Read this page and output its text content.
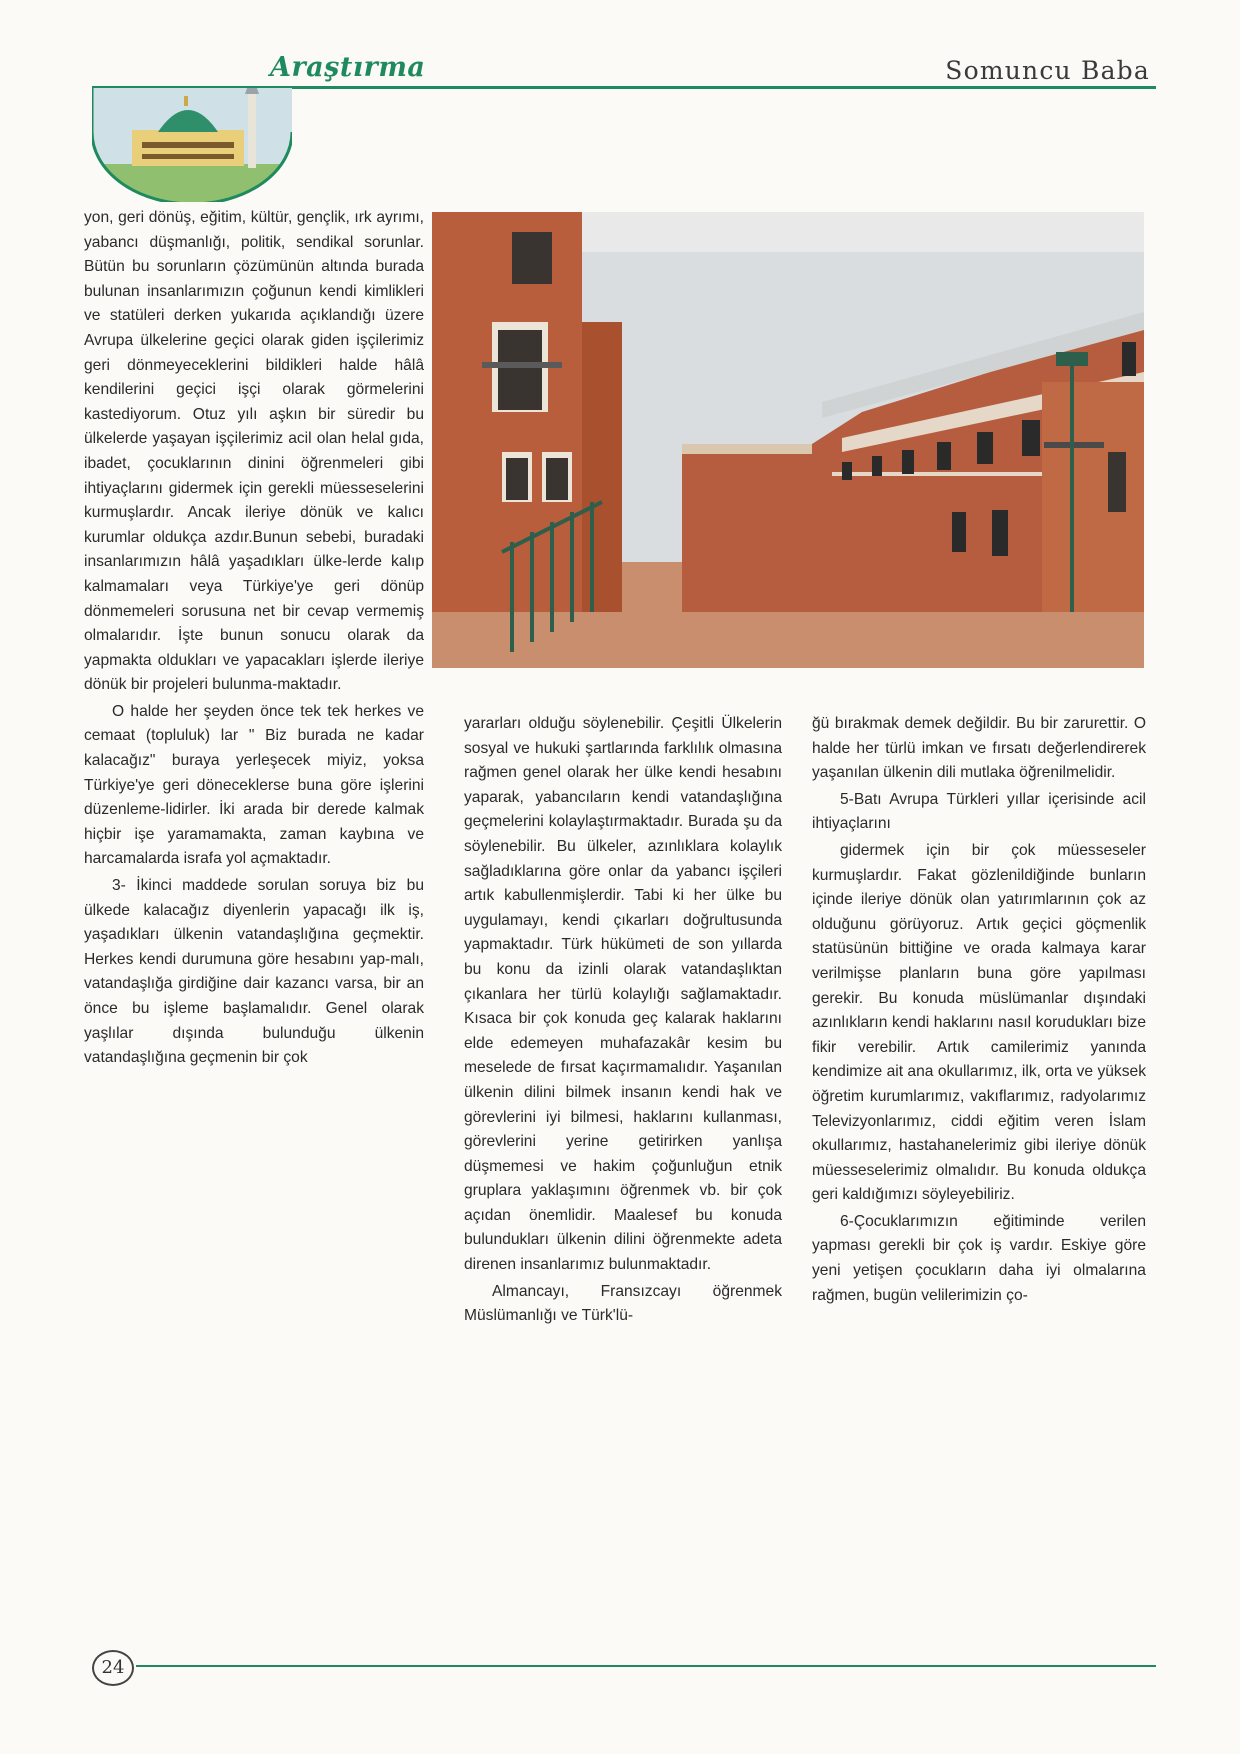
Araştırma	Somuncu Baba

yon, geri dönüş, eğitim, kültür, gençlik, ırk ayrımı, yabancı düşmanlığı, politik, sendikal sorunlar. Bütün bu sorunların çözümünün altında burada bulunan insanlarımızın çoğunun kendi kimlikleri ve statüleri derken yukarıda açıklandığı üzere Avrupa ülkelerine geçici olarak giden işçilerimiz geri dönmeyeceklerini bildikleri halde hâlâ kendilerini geçici işçi olarak görmelerini kastediyorum. Otuz yılı aşkın bir süredir bu ülkelerde yaşayan işçilerimiz acil olan helal gıda, ibadet, çocuklarının dinini öğrenmeleri gibi ihtiyaçlarını gidermek için gerekli müesseselerini kurmuşlardır. Ancak ileriye dönük ve kalıcı kurumlar oldukça azdır.Bunun sebebi, buradaki insanlarımızın hâlâ yaşadıkları ülke-lerde kalıp kalmamaları veya Türkiye'ye geri dönüp dönmemeleri sorusuna net bir cevap vermemiş olmalarıdır. İşte bunun sonucu olarak da yapmakta oldukları ve yapacakları işlerde ileriye dönük bir projeleri bulunma-maktadır.

O halde her şeyden önce tek tek herkes ve cemaat (topluluk) lar " Biz burada ne kadar kalacağız" buraya yerleşecek miyiz, yoksa Türkiye'ye geri döneceklerse buna göre işlerini düzenleme-lidirler. İki arada bir derede kalmak hiçbir işe yaramamakta, zaman kaybına ve harcamalarda israfa yol açmaktadır.

3- İkinci maddede sorulan soruya biz bu ülkede kalacağız diyenlerin yapacağı ilk iş, yaşadıkları ülkenin vatandaşlığına geçmektir. Herkes kendi durumuna göre hesabını yap-malı, vatandaşlığa girdiğine dair kazancı varsa, bir an önce bu işleme başlamalıdır. Genel olarak yaşlılar dışında bulunduğu ülkenin vatandaşlığına geçmenin bir çok

yararları olduğu söylenebilir. Çeşitli Ülkelerin sosyal ve hukuki şartlarında farklılık olmasına rağmen genel olarak her ülke kendi hesabını yaparak, yabancıların kendi vatandaşlığına geçmelerini kolaylaştırmaktadır. Burada şu da söylenebilir. Bu ülkeler, azınlıklara kolaylık sağladıklarına göre onlar da yabancı işçileri artık kabullenmişlerdir. Tabi ki her ülke bu uygulamayı, kendi çıkarları doğrultusunda yapmaktadır. Türk hükümeti de son yıllarda bu konu da izinli olarak vatandaşlıktan çıkanlara her türlü kolaylığı sağlamaktadır. Kısaca bir çok konuda geç kalarak haklarını elde edemeyen muhafazakâr kesim bu meselede de fırsat kaçırmamalıdır. Yaşanılan ülkenin dilini bilmek insanın kendi hak ve görevlerini iyi bilmesi, haklarını kullanması, görevlerini yerine getirirken yanlışa düşmemesi ve hakim çoğunluğun etnik gruplara yaklaşımını öğrenmek vb. bir çok açıdan önemlidir. Maalesef bu konuda bulundukları ülkenin dilini öğrenmekte adeta direnen insanlarımız bulunmaktadır.

Almancayı, Fransızcayı öğrenmek Müslümanlığı ve Türk'lü-

ğü bırakmak demek değildir. Bu bir zarurettir. O halde her türlü imkan ve fırsatı değerlendirerek yaşanılan ülkenin dili mutlaka öğrenilmelidir.

5-Batı Avrupa Türkleri yıllar içerisinde acil ihtiyaçlarını

gidermek için bir çok müesseseler kurmuşlardır. Fakat gözlenildiğinde bunların içinde ileriye dönük olan yatırımlarının çok az olduğunu görüyoruz. Artık geçici göçmenlik statüsünün bittiğine ve orada kalmaya karar verilmişse planların buna göre yapılması gerekir. Bu konuda müslümanlar dışındaki azınlıkların kendi haklarını nasıl korudukları bize fikir verebilir. Artık camilerimiz yanında kendimize ait ana okullarımız, ilk, orta ve yüksek öğretim kurumlarımız, vakıflarımız, radyolarımız Televizyonlarımız, ciddi eğitim veren İslam okullarımız, hastahanelerimiz gibi ileriye dönük müesseselerimiz olmalıdır. Bu konuda oldukça geri kaldığımızı söyleyebiliriz.

6-Çocuklarımızın eğitiminde verilen yapması gerekli bir çok iş vardır. Eskiye göre yeni yetişen çocukların daha iyi olmalarına rağmen, bugün velilerimizin ço-

24
